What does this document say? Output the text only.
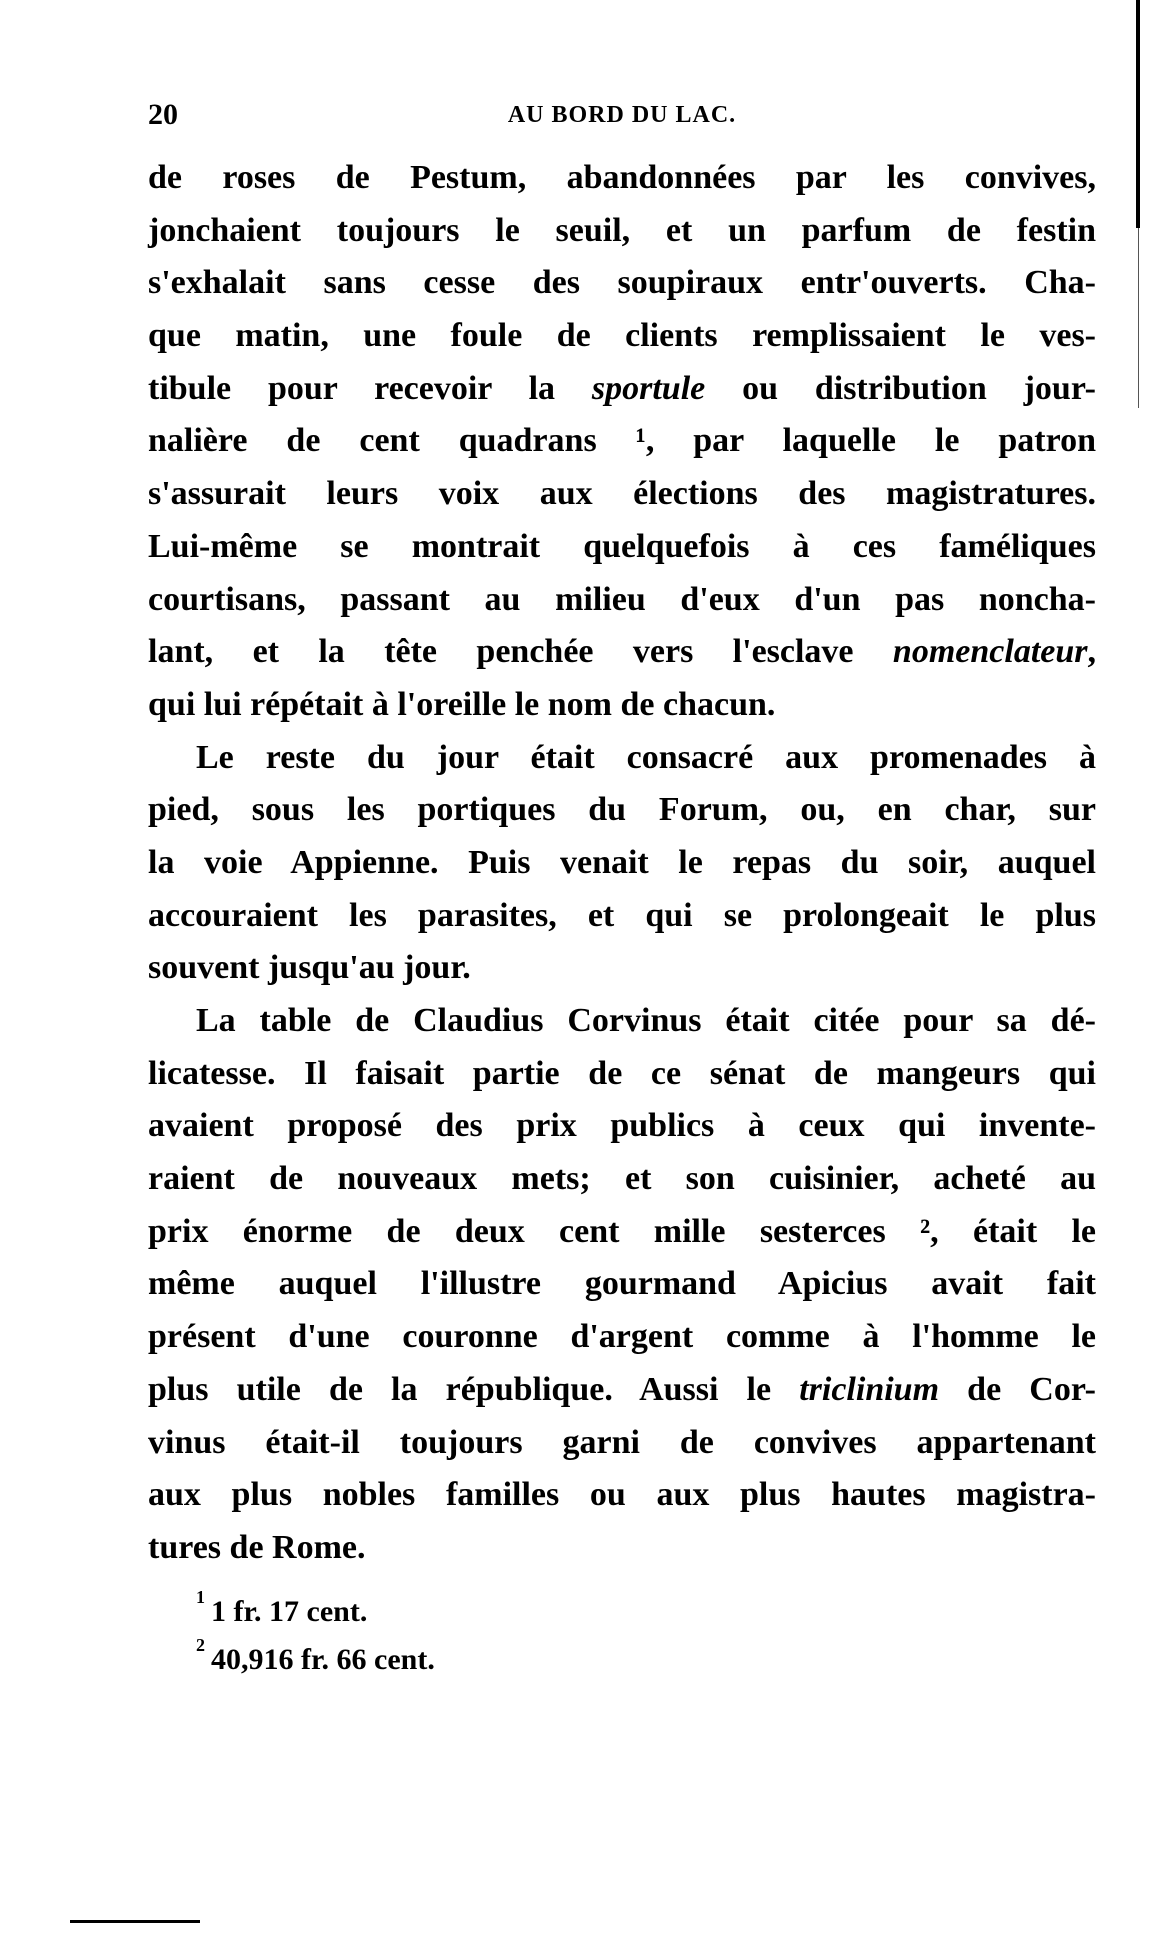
20	AU BORD DU LAC.
de roses de Pestum, abandonnées par les convives,
jonchaient toujours le seuil, et un parfum de festin
s'exhalait sans cesse des soupiraux entr'ouverts. Cha-
que matin, une foule de clients remplissaient le ves-
tibule pour recevoir la sportule ou distribution jour-
nalière de cent quadrans ¹, par laquelle le patron
s'assurait leurs voix aux élections des magistratures.
Lui-même se montrait quelquefois à ces faméliques
courtisans, passant au milieu d'eux d'un pas noncha-
lant, et la tête penchée vers l'esclave nomenclateur,
qui lui répétait à l'oreille le nom de chacun.
Le reste du jour était consacré aux promenades à
pied, sous les portiques du Forum, ou, en char, sur
la voie Appienne. Puis venait le repas du soir, auquel
accouraient les parasites, et qui se prolongeait le plus
souvent jusqu'au jour.
La table de Claudius Corvinus était citée pour sa dé-
licatesse. Il faisait partie de ce sénat de mangeurs qui
avaient proposé des prix publics à ceux qui invente-
raient de nouveaux mets; et son cuisinier, acheté au
prix énorme de deux cent mille sesterces ², était le
même auquel l'illustre gourmand Apicius avait fait
présent d'une couronne d'argent comme à l'homme le
plus utile de la république. Aussi le triclinium de Cor-
vinus était-il toujours garni de convives appartenant
aux plus nobles familles ou aux plus hautes magistra-
tures de Rome.
$^1$ 1 fr. 17 cent.
$^2$ 40,916 fr. 66 cent.
